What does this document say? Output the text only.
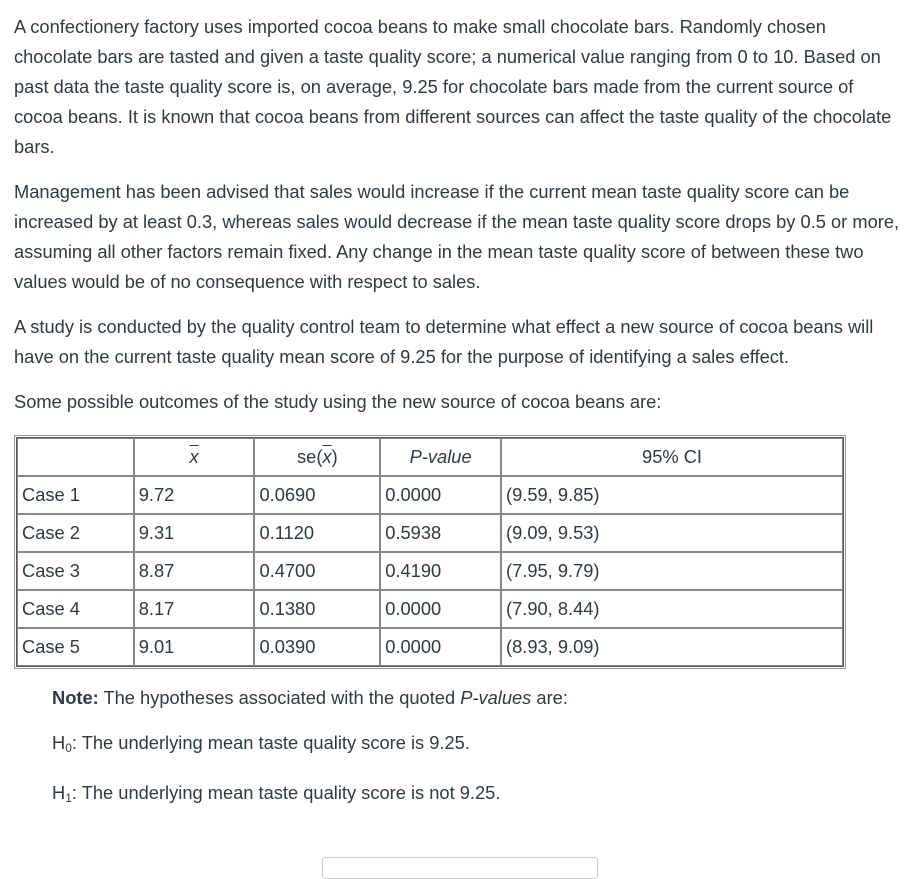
A confectionery factory uses imported cocoa beans to make small chocolate bars. Randomly chosen chocolate bars are tasted and given a taste quality score; a numerical value ranging from 0 to 10. Based on past data the taste quality score is, on average, 9.25 for chocolate bars made from the current source of cocoa beans. It is known that cocoa beans from different sources can affect the taste quality of the chocolate bars.

Management has been advised that sales would increase if the current mean taste quality score can be increased by at least 0.3, whereas sales would decrease if the mean taste quality score drops by 0.5 or more, assuming all other factors remain fixed. Any change in the mean taste quality score of between these two values would be of no consequence with respect to sales.

A study is conducted by the quality control team to determine what effect a new source of cocoa beans will have on the current taste quality mean score of 9.25 for the purpose of identifying a sales effect.

Some possible outcomes of the study using the new source of cocoa beans are:

	$\overline{x}$	$se(\overline{x})$	P-value	95% CI
Case 1	9.72	0.0690	0.0000	(9.59, 9.85)
Case 2	9.31	0.1120	0.5938	(9.09, 9.53)
Case 3	8.87	0.4700	0.4190	(7.95, 9.79)
Case 4	8.17	0.1380	0.0000	(7.90, 8.44)
Case 5	9.01	0.0390	0.0000	(8.93, 9.09)

Note: The hypotheses associated with the quoted P-values are:

$H_0$: The underlying mean taste quality score is 9.25.

$H_1$: The underlying mean taste quality score is not 9.25.
